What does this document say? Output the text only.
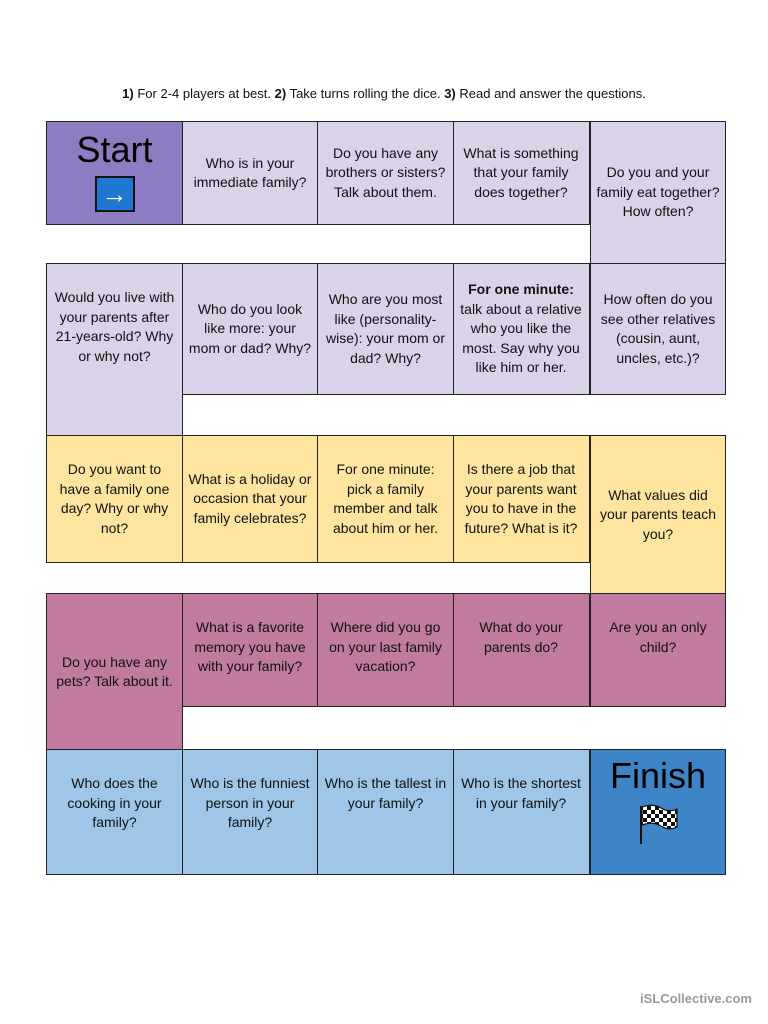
1) For 2-4 players at best. 2) Take turns rolling the dice. 3) Read and answer the questions.
Start
→
Who is in your immediate family?
Do you have any brothers or sisters? Talk about them.
What is something that your family does together?
Do you and your family eat together? How often?
Would you live with your parents after 21-years-old? Why or why not?
Who do you look like more: your mom or dad? Why?
Who are you most like (personality-wise): your mom or dad? Why?
For one minute: talk about a relative who you like the most. Say why you like him or her.
How often do you see other relatives (cousin, aunt, uncles, etc.)?
Do you want to have a family one day? Why or why not?
What is a holiday or occasion that your family celebrates?
For one minute: pick a family member and talk about him or her.
Is there a job that your parents want you to have in the future? What is it?
What values did your parents teach you?
Do you have any pets? Talk about it.
What is a favorite memory you have with your family?
Where did you go on your last family vacation?
What do your parents do?
Are you an only child?
Who does the cooking in your family?
Who is the funniest person in your family?
Who is the tallest in your family?
Who is the shortest in your family?
Finish
iSLCollective.com
